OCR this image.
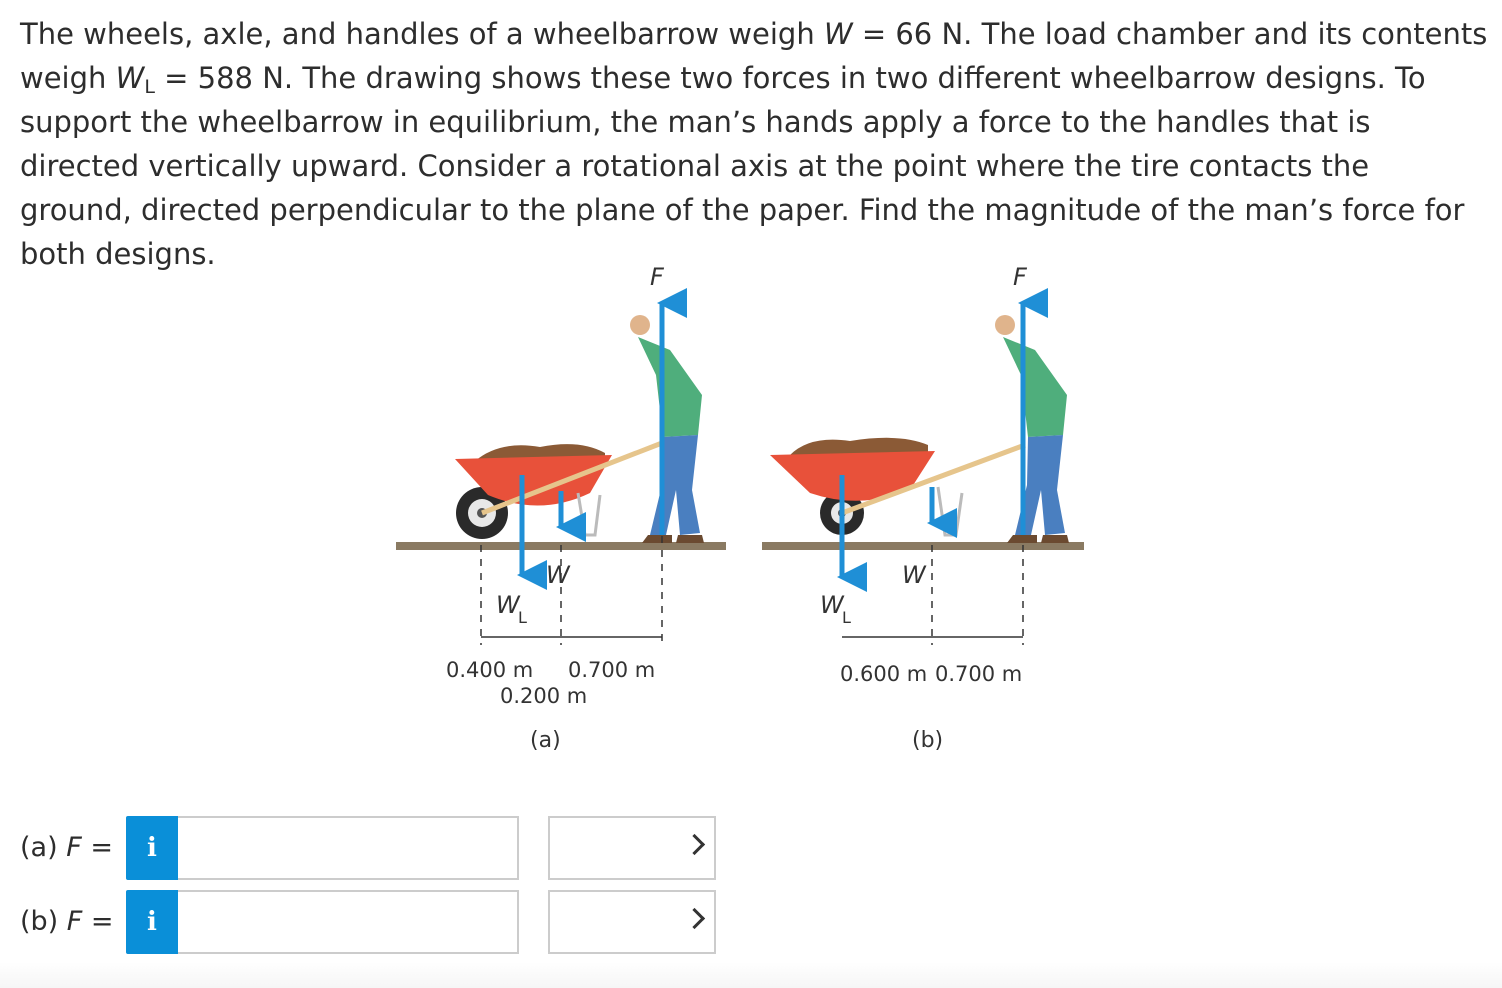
The wheels, axle, and handles of a wheelbarrow weigh W = 66 N. The load chamber and its contents weigh $W_L = 588$ N. The drawing shows these two forces in two different wheelbarrow designs. To support the wheelbarrow in equilibrium, the man’s hands apply a force to the handles that is directed vertically upward. Consider a rotational axis at the point where the tire contacts the ground, directed perpendicular to the plane of the paper. Find the magnitude of the man’s force for both designs.

F
W
W
L
0.400 m 0.700 m
0.200 m
(a)
F
W
W
L
0.600 m 0.700 m
(b)
(a) F =	i
(b) F =	i
